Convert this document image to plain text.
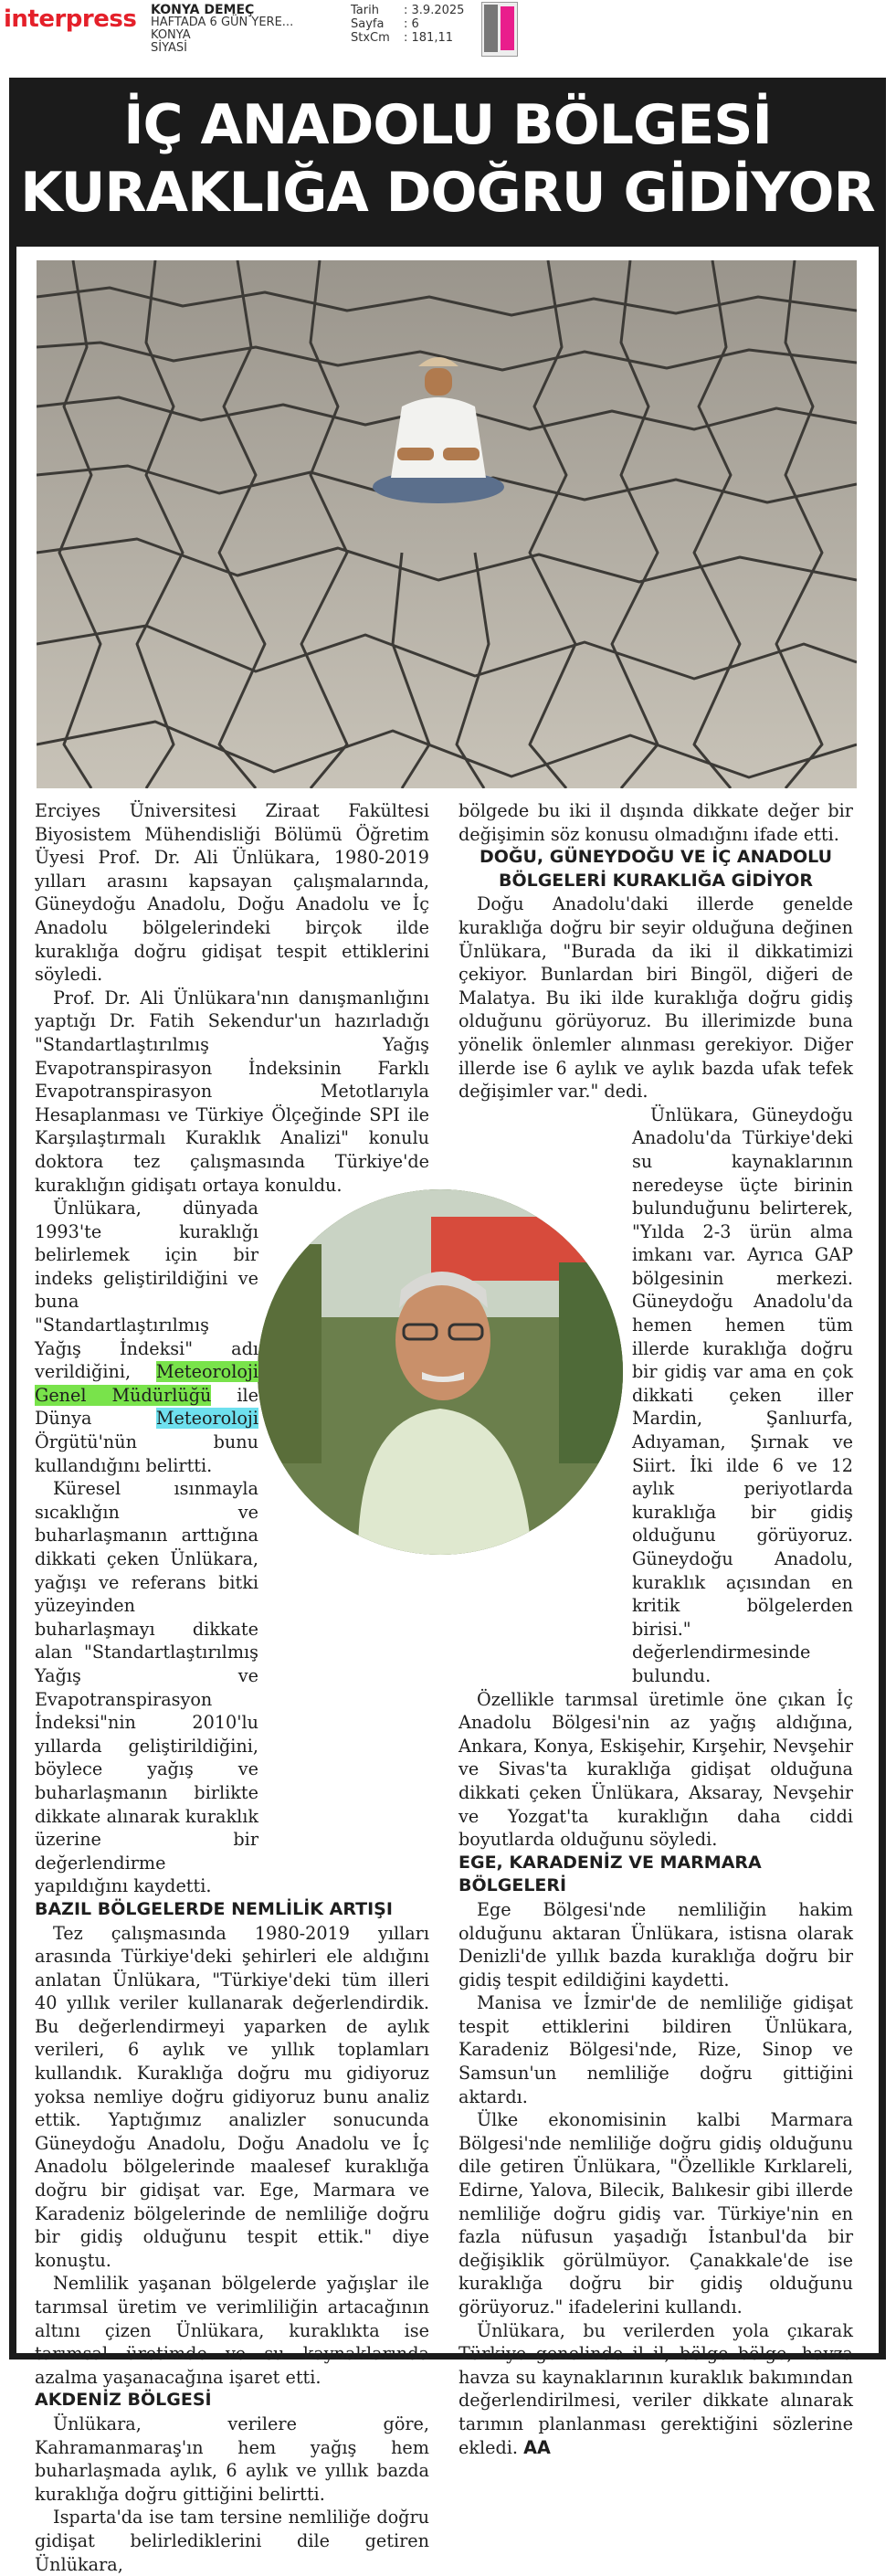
interpress KONYA DEMEÇ
HAFTADA 6 GÜN YERE...
KONYA
SİYASİ
Tarih : 3.9.2025
Sayfa : 6
StxCm : 181,11
İÇ ANADOLU BÖLGESİ
KURAKLIĞA DOĞRU GİDİYOR

Erciyes Üniversitesi Ziraat Fakültesi Biyosistem Mühendisliği Bölümü Öğretim Üyesi Prof. Dr. Ali Ünlükara, 1980-2019 yılları arasını kapsayan çalışmalarında, Güneydoğu Anadolu, Doğu Anadolu ve İç Anadolu bölgelerindeki birçok ilde kuraklığa doğru gidişat tespit ettiklerini söyledi.

Prof. Dr. Ali Ünlükara'nın danışmanlığını yaptığı Dr. Fatih Sekendur'un hazırladığı "Standartlaştırılmış Yağış Evapotranspirasyon İndeksinin Farklı Evapotranspirasyon Metotlarıyla Hesaplanması ve Türkiye Ölçeğinde SPI ile Karşılaştırmalı Kuraklık Analizi" konulu doktora tez çalışmasında Türkiye'de kuraklığın gidişatı ortaya konuldu.

Ünlükara, dünyada 1993'te kuraklığı belirlemek için bir indeks geliştirildiğini ve buna "Standartlaştırılmış Yağış İndeksi" adı verildiğini, Meteoroloji Genel Müdürlüğü ile Dünya	Meteoroloji Örgütü'nün bunu kullandığını belirtti.

Küresel ısınmayla sıcaklığın ve buharlaşmanın arttığına dikkati çeken Ünlükara, yağışı ve referans bitki yüzeyinden buharlaşmayı dikkate alan "Standartlaştırılmış Yağış ve Evapotranspirasyon İndeksi"nin 2010'lu yıllarda geliştirildiğini, böylece yağış ve buharlaşmanın birlikte dikkate alınarak kuraklık üzerine bir değerlendirme yapıldığını kaydetti.

BAZIL BÖLGELERDE NEMLİLİK ARTIŞI

Tez çalışmasında 1980-2019 yılları arasında Türkiye'deki şehirleri ele aldığını anlatan Ünlükara, "Türkiye'deki tüm illeri 40 yıllık veriler kullanarak değerlendirdik. Bu değerlendirmeyi yaparken de aylık verileri, 6 aylık ve yıllık toplamları kullandık. Kuraklığa doğru mu gidiyoruz yoksa nemliye doğru gidiyoruz bunu analiz ettik. Yaptığımız analizler sonucunda Güneydoğu Anadolu, Doğu Anadolu ve İç Anadolu bölgelerinde maalesef kuraklığa doğru bir gidişat var. Ege, Marmara ve Karadeniz bölgelerinde de nemliliğe doğru bir gidiş olduğunu tespit ettik." diye konuştu.

Nemlilik yaşanan bölgelerde yağışlar ile tarımsal üretim ve verimliliğin artacağının altını çizen Ünlükara, kuraklıkta ise tarımsal üretimde ve su kaynaklarında azalma yaşanacağına işaret etti.

AKDENİZ BÖLGESİ

Ünlükara, verilere göre, Kahramanmaraş'ın hem yağış hem buharlaşmada aylık, 6 aylık ve yıllık bazda kuraklığa doğru gittiğini belirtti.

Isparta'da ise tam tersine nemliliğe doğru gidişat belirlediklerini dile getiren Ünlükara,

bölgede bu iki il dışında dikkate değer bir değişimin söz konusu olmadığını ifade etti.

DOĞU, GÜNEYDOĞU VE İÇ ANADOLU BÖLGELERİ KURAKLIĞA GİDİYOR

Doğu Anadolu'daki illerde genelde kuraklığa doğru bir seyir olduğuna değinen Ünlükara, "Burada da iki il dikkatimizi çekiyor. Bunlardan biri Bingöl, diğeri de Malatya. Bu iki ilde kuraklığa doğru gidiş olduğunu görüyoruz. Bu illerimizde buna yönelik önlemler alınması gerekiyor. Diğer illerde ise 6 aylık ve aylık bazda ufak tefek değişimler var." dedi.

Ünlükara, Güneydoğu Anadolu'da Türkiye'deki su kaynaklarının neredeyse üçte birinin bulunduğunu belirterek, "Yılda 2-3 ürün alma imkanı var. Ayrıca GAP bölgesinin merkezi. Güneydoğu Anadolu'da hemen hemen tüm illerde kuraklığa doğru bir gidiş var ama en çok dikkati çeken iller Mardin, Şanlıurfa, Adıyaman, Şırnak ve Siirt. İki ilde 6 ve 12 aylık periyotlarda kuraklığa bir gidiş olduğunu görüyoruz. Güneydoğu Anadolu, kuraklık açısından en kritik bölgelerden birisi." değerlendirmesinde bulundu.

Özellikle tarımsal üretimle öne çıkan İç Anadolu Bölgesi'nin az yağış aldığına, Ankara, Konya, Eskişehir, Kırşehir, Nevşehir ve Sivas'ta kuraklığa gidişat olduğuna dikkati çeken Ünlükara, Aksaray, Nevşehir ve Yozgat'ta kuraklığın daha ciddi boyutlarda olduğunu söyledi.

EGE, KARADENİZ VE MARMARA BÖLGELERİ

Ege Bölgesi'nde nemliliğin hakim olduğunu aktaran Ünlükara, istisna olarak Denizli'de yıllık bazda kuraklığa doğru bir gidiş tespit edildiğini kaydetti.

Manisa ve İzmir'de de nemliliğe gidişat tespit ettiklerini bildiren Ünlükara, Karadeniz Bölgesi'nde, Rize, Sinop ve Samsun'un nemliliğe doğru gittiğini aktardı.

Ülke ekonomisinin kalbi Marmara Bölgesi'nde nemliliğe doğru gidiş olduğunu dile getiren Ünlükara, "Özellikle Kırklareli, Edirne, Yalova, Bilecik, Balıkesir gibi illerde nemliliğe doğru gidiş var. Türkiye'nin en fazla nüfusun yaşadığı İstanbul'da bir değişiklik görülmüyor. Çanakkale'de ise kuraklığa doğru bir gidiş olduğunu görüyoruz." ifadelerini kullandı.

Ünlükara, bu verilerden yola çıkarak Türkiye genelinde il il, bölge bölge, havza havza su kaynaklarının kuraklık bakımından değerlendirilmesi, veriler dikkate alınarak tarımın planlanması gerektiğini sözlerine ekledi. AA
